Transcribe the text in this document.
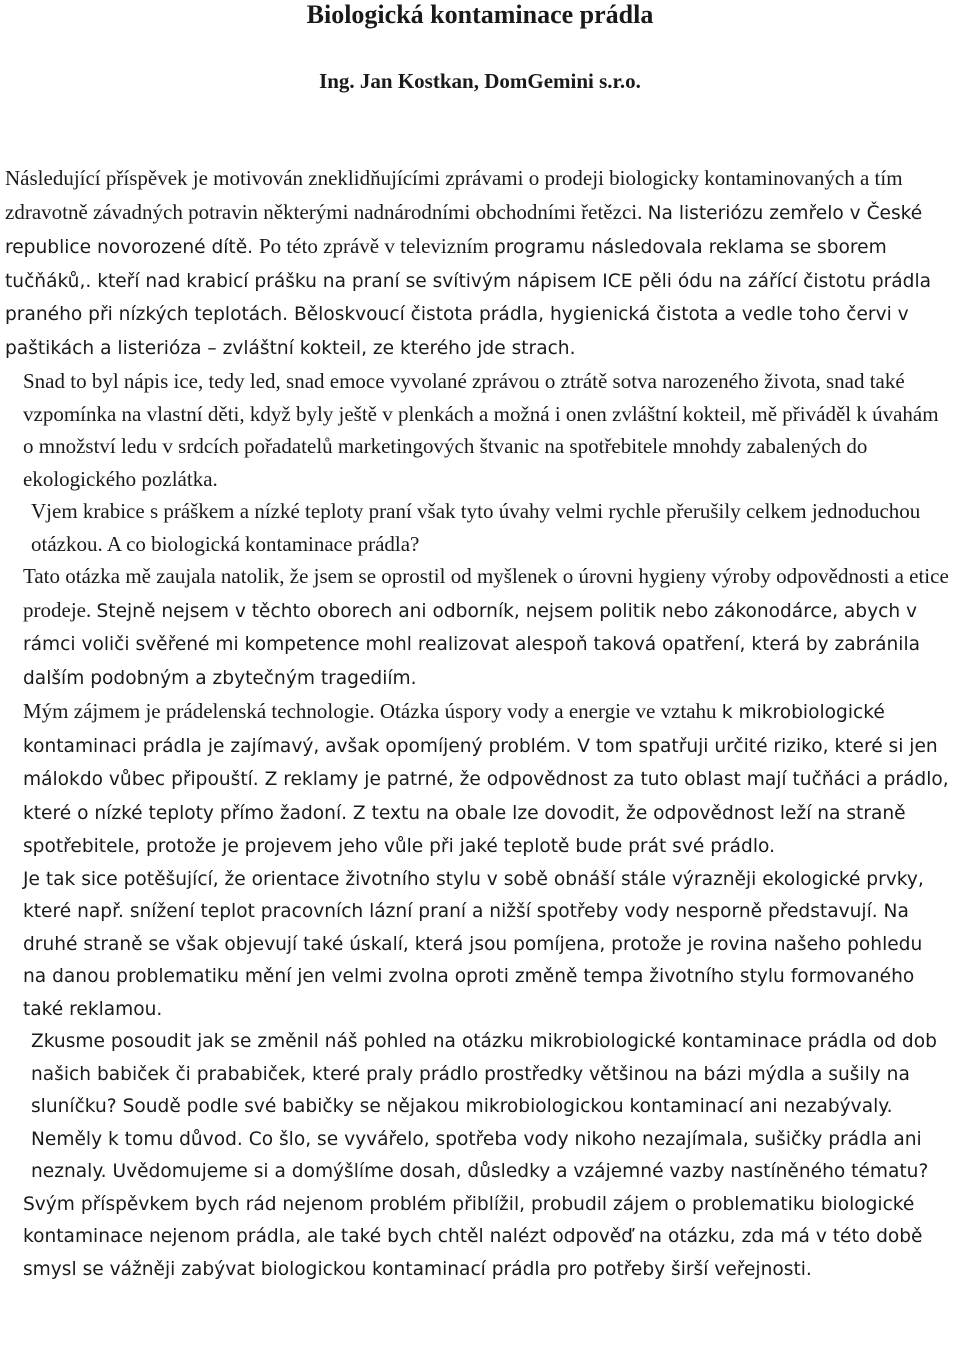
Biologická kontaminace prádla
Ing. Jan Kostkan, DomGemini s.r.o.

Následující příspěvek je motivován zneklidňujícími zprávami o prodeji biologicky kontaminovaných a tím zdravotně závadných potravin některými nadnárodními obchodními řetězci. Na listeriózu zemřelo v České republice novorozené dítě. Po této zprávě v televizním programu následovala reklama se sborem tučňáků,. kteří nad krabicí prášku na praní se svítivým nápisem ICE pěli ódu na zářící čistotu prádla praného při nízkých teplotách. Běloskvoucí čistota prádla, hygienická čistota a vedle toho červi v paštikách a listerióza – zvláštní kokteil, ze kterého jde strach.

Snad to byl nápis ice, tedy led, snad emoce vyvolané zprávou o ztrátě sotva narozeného života, snad také vzpomínka na vlastní děti, když byly ještě v plenkách a možná i onen zvláštní kokteil, mě přiváděl k úvahám o množství ledu v srdcích pořadatelů marketingových štvanic na spotřebitele mnohdy zabalených do ekologického pozlátka.

Vjem krabice s práškem a nízké teploty praní však tyto úvahy velmi rychle přerušily celkem jednoduchou otázkou. A co biologická kontaminace prádla?

Tato otázka mě zaujala natolik, že jsem se oprostil od myšlenek o úrovni hygieny výroby odpovědnosti a etice prodeje. Stejně nejsem v těchto oborech ani odborník, nejsem politik nebo zákonodárce, abych v rámci voliči svěřené mi kompetence mohl realizovat alespoň taková opatření, která by zabránila dalším podobným a zbytečným tragediím.

Mým zájmem je prádelenská technologie. Otázka úspory vody a energie ve vztahu k mikrobiologické kontaminaci prádla je zajímavý, avšak opomíjený problém. V tom spatřuji určité riziko, které si jen málokdo vůbec připouští. Z reklamy je patrné, že odpovědnost za tuto oblast mají tučňáci a prádlo, které o nízké teploty přímo žadoní. Z textu na obale lze dovodit, že odpovědnost leží na straně spotřebitele, protože je projevem jeho vůle při jaké teplotě bude prát své prádlo.

Je tak sice potěšující, že orientace životního stylu v sobě obnáší stále výrazněji ekologické prvky, které např. snížení teplot pracovních lázní praní a nižší spotřeby vody nesporně představují. Na druhé straně se však objevují také úskalí, která jsou pomíjena, protože je rovina našeho pohledu na danou problematiku mění jen velmi zvolna oproti změně tempa životního stylu formovaného také reklamou.

Zkusme posoudit jak se změnil náš pohled na otázku mikrobiologické kontaminace prádla od dob našich babiček či prababiček, které praly prádlo prostředky většinou na bázi mýdla a sušily na sluníčku? Soudě podle své babičky se nějakou mikrobiologickou kontaminací ani nezabývaly. Neměly k tomu důvod. Co šlo, se vyvářelo, spotřeba vody nikoho nezajímala, sušičky prádla ani neznaly. Uvědomujeme si a domýšlíme dosah, důsledky a vzájemné vazby nastíněného tématu?

Svým příspěvkem bych rád nejenom problém přiblížil, probudil zájem o problematiku biologické kontaminace nejenom prádla, ale také bych chtěl nalézt odpověď na otázku, zda má v této době smysl se vážněji zabývat biologickou kontaminací prádla pro potřeby širší veřejnosti.
